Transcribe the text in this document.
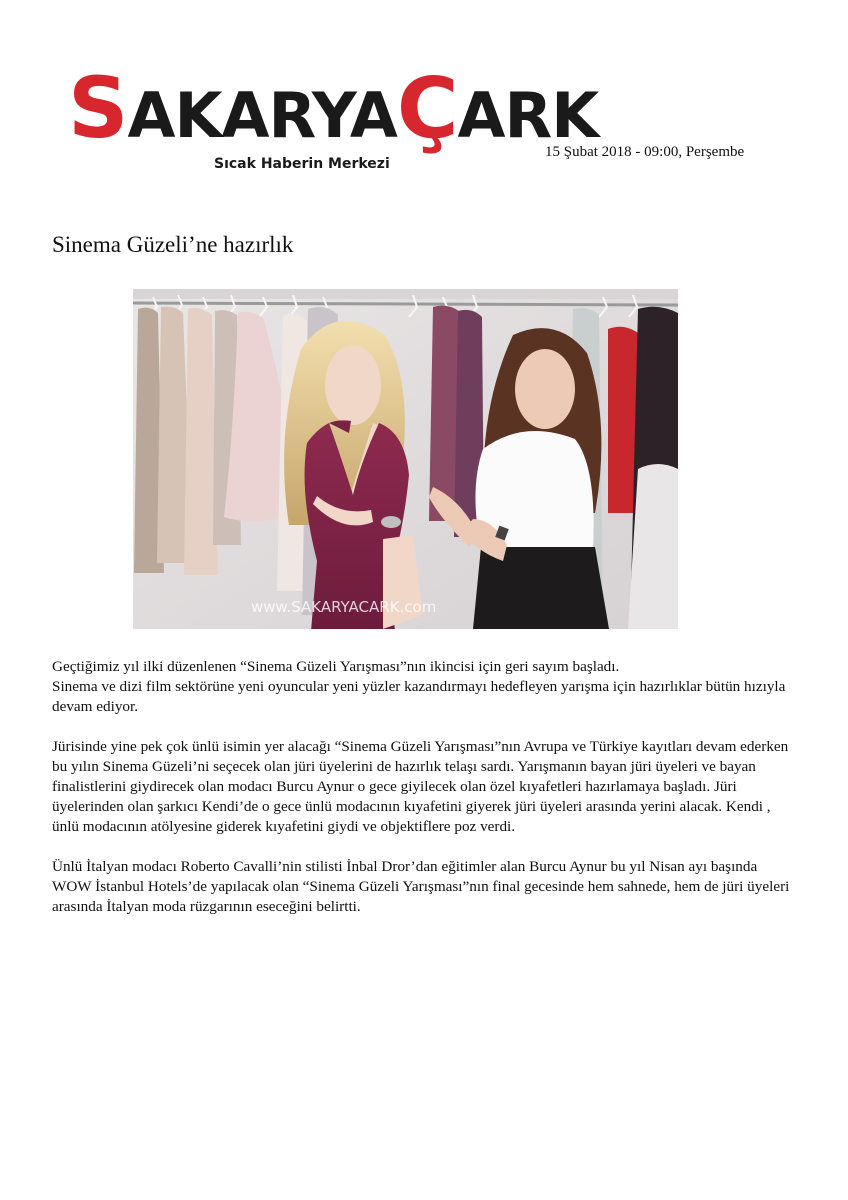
SAKARYAÇARK
Sıcak Haberin Merkezi
15 Şubat 2018 - 09:00, Perşembe
Sinema Güzeli’ne hazırlık
www.SAKARYACARK.com

Geçtiğimiz yıl ilki düzenlenen “Sinema Güzeli Yarışması”nın ikincisi için geri sayım başladı.

Sinema ve dizi film sektörüne yeni oyuncular yeni yüzler kazandırmayı hedefleyen yarışma için hazırlıklar bütün hızıyla devam ediyor.

Jürisinde yine pek çok ünlü isimin yer alacağı “Sinema Güzeli Yarışması”nın Avrupa ve Türkiye kayıtları devam ederken bu yılın Sinema Güzeli’ni seçecek olan jüri üyelerini de hazırlık telaşı sardı. Yarışmanın bayan jüri üyeleri ve bayan finalistlerini giydirecek olan modacı Burcu Aynur o gece giyilecek olan özel kıyafetleri hazırlamaya başladı. Jüri üyelerinden olan şarkıcı Kendi’de o gece ünlü modacının kıyafetini giyerek jüri üyeleri arasında yerini alacak. Kendi , ünlü modacının atölyesine giderek kıyafetini giydi ve objektiflere poz verdi.

Ünlü İtalyan modacı Roberto Cavalli’nin stilisti İnbal Dror’dan eğitimler alan Burcu Aynur bu yıl Nisan ayı başında WOW İstanbul Hotels’de yapılacak olan “Sinema Güzeli Yarışması”nın final gecesinde hem sahnede, hem de jüri üyeleri arasında İtalyan moda rüzgarının eseceğini belirtti.
